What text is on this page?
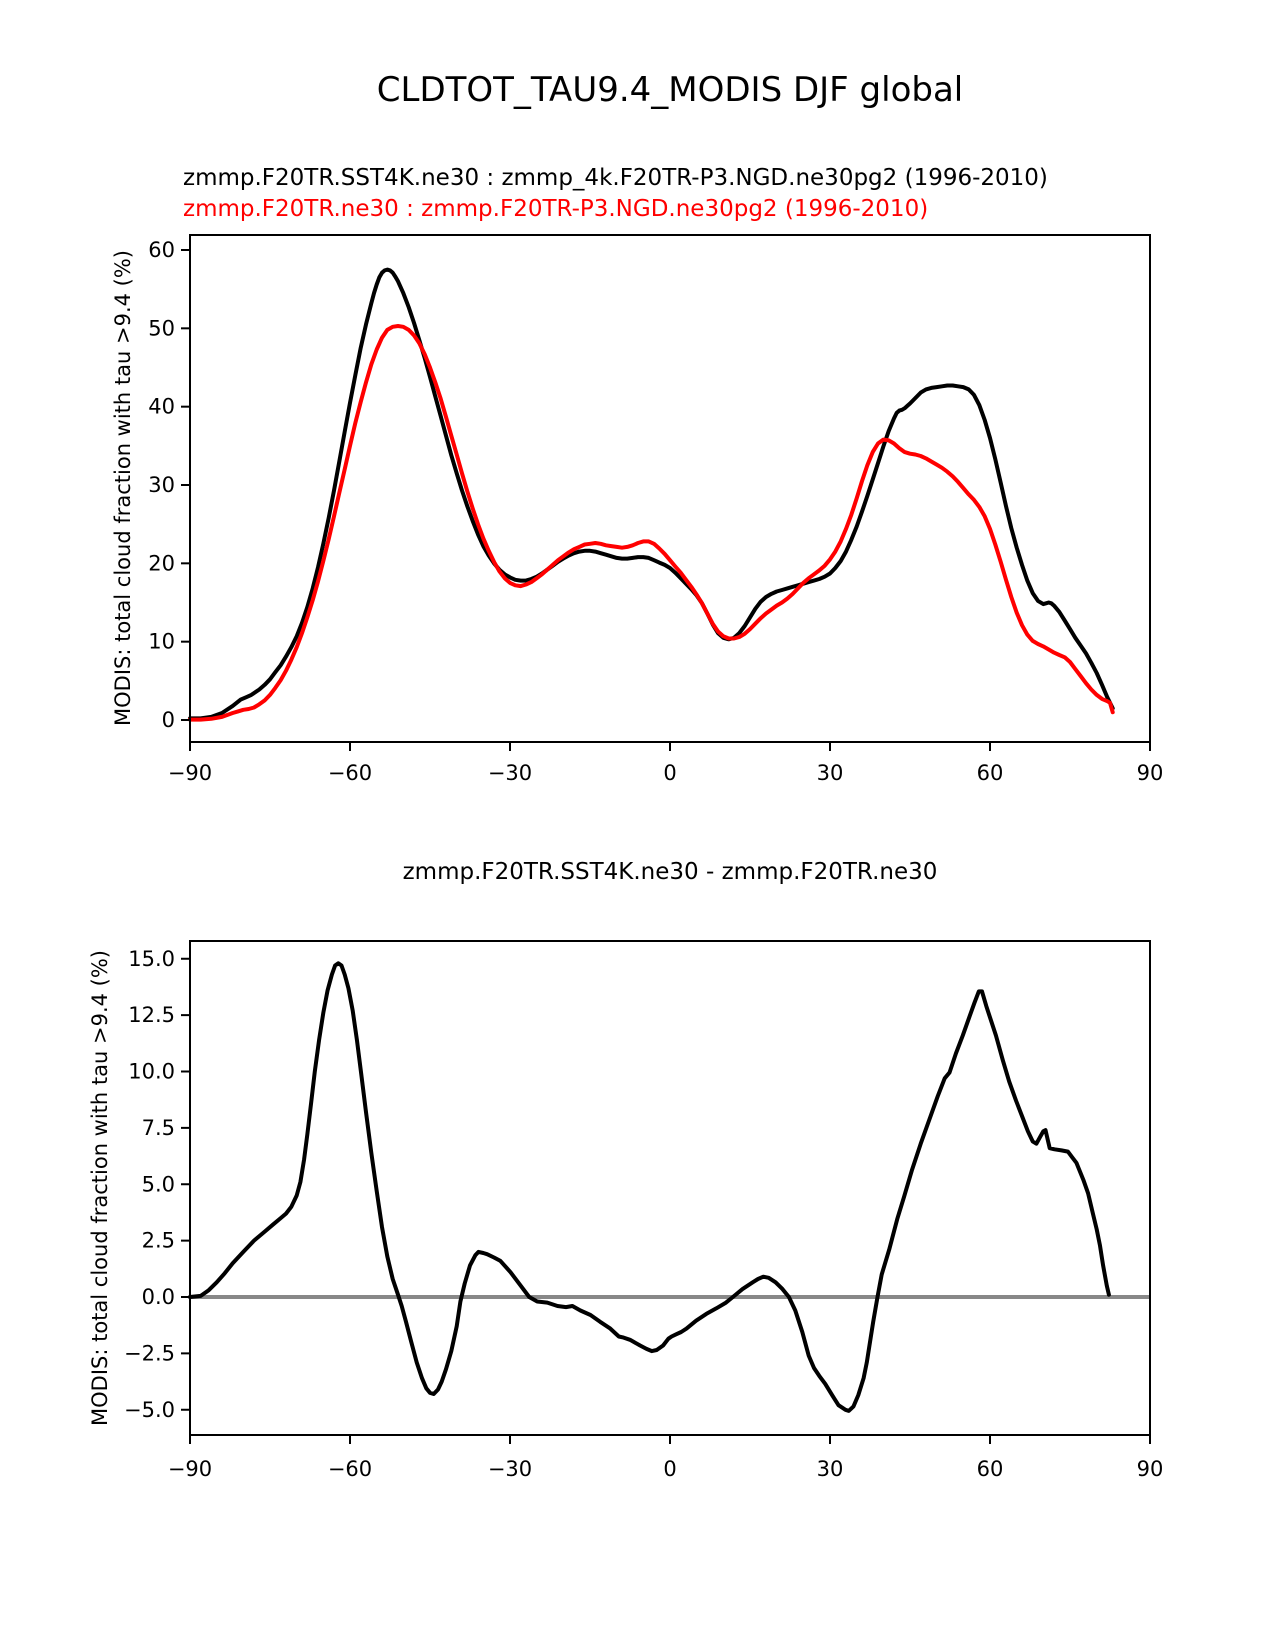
CLDTOT_TAU9.4_MODIS DJF global
zmmp.F20TR.SST4K.ne30 : zmmp_4k.F20TR-P3.NGD.ne30pg2 (1996-2010)
zmmp.F20TR.ne30 : zmmp.F20TR-P3.NGD.ne30pg2 (1996-2010)
MODIS: total cloud fraction with tau >9.4 (%)
zmmp.F20TR.SST4K.ne30 - zmmp.F20TR.ne30
MODIS: total cloud fraction with tau >9.4 (%)
−90	−60	−30	0	30	60	90
0
10
20
30
40
50
60
−90	−60	−30	0	30	60	90
−5.0
−2.5
0.0
2.5
5.0
7.5
10.0
12.5
15.0
